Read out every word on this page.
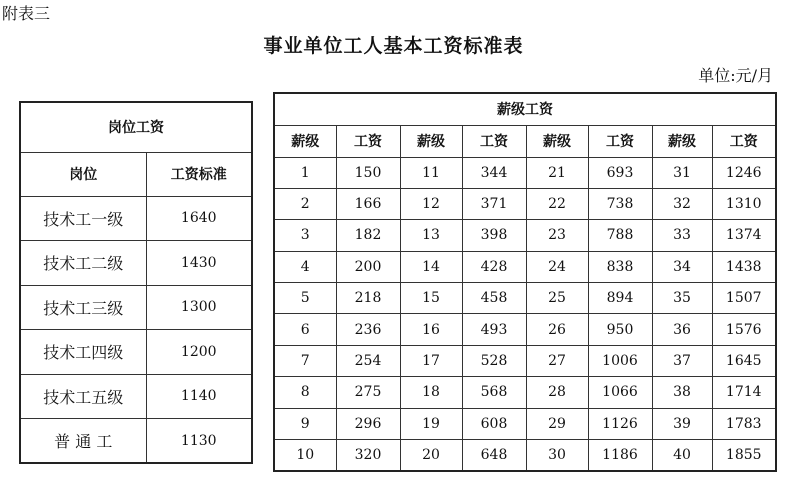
附表三
事业单位工人基本工资标准表
单位:元/月
岗位工资	
岗位	工资标准
技术工一级	1640
技术工二级	1430
技术工三级	1300
技术工四级	1200
技术工五级	1140
普 通 工	1130
薪级工资							
薪级	工资	薪级	工资	薪级	工资	薪级	工资
1	150	11	344	21	693	31	1246
2	166	12	371	22	738	32	1310
3	182	13	398	23	788	33	1374
4	200	14	428	24	838	34	1438
5	218	15	458	25	894	35	1507
6	236	16	493	26	950	36	1576
7	254	17	528	27	1006	37	1645
8	275	18	568	28	1066	38	1714
9	296	19	608	29	1126	39	1783
10	320	20	648	30	1186	40	1855
